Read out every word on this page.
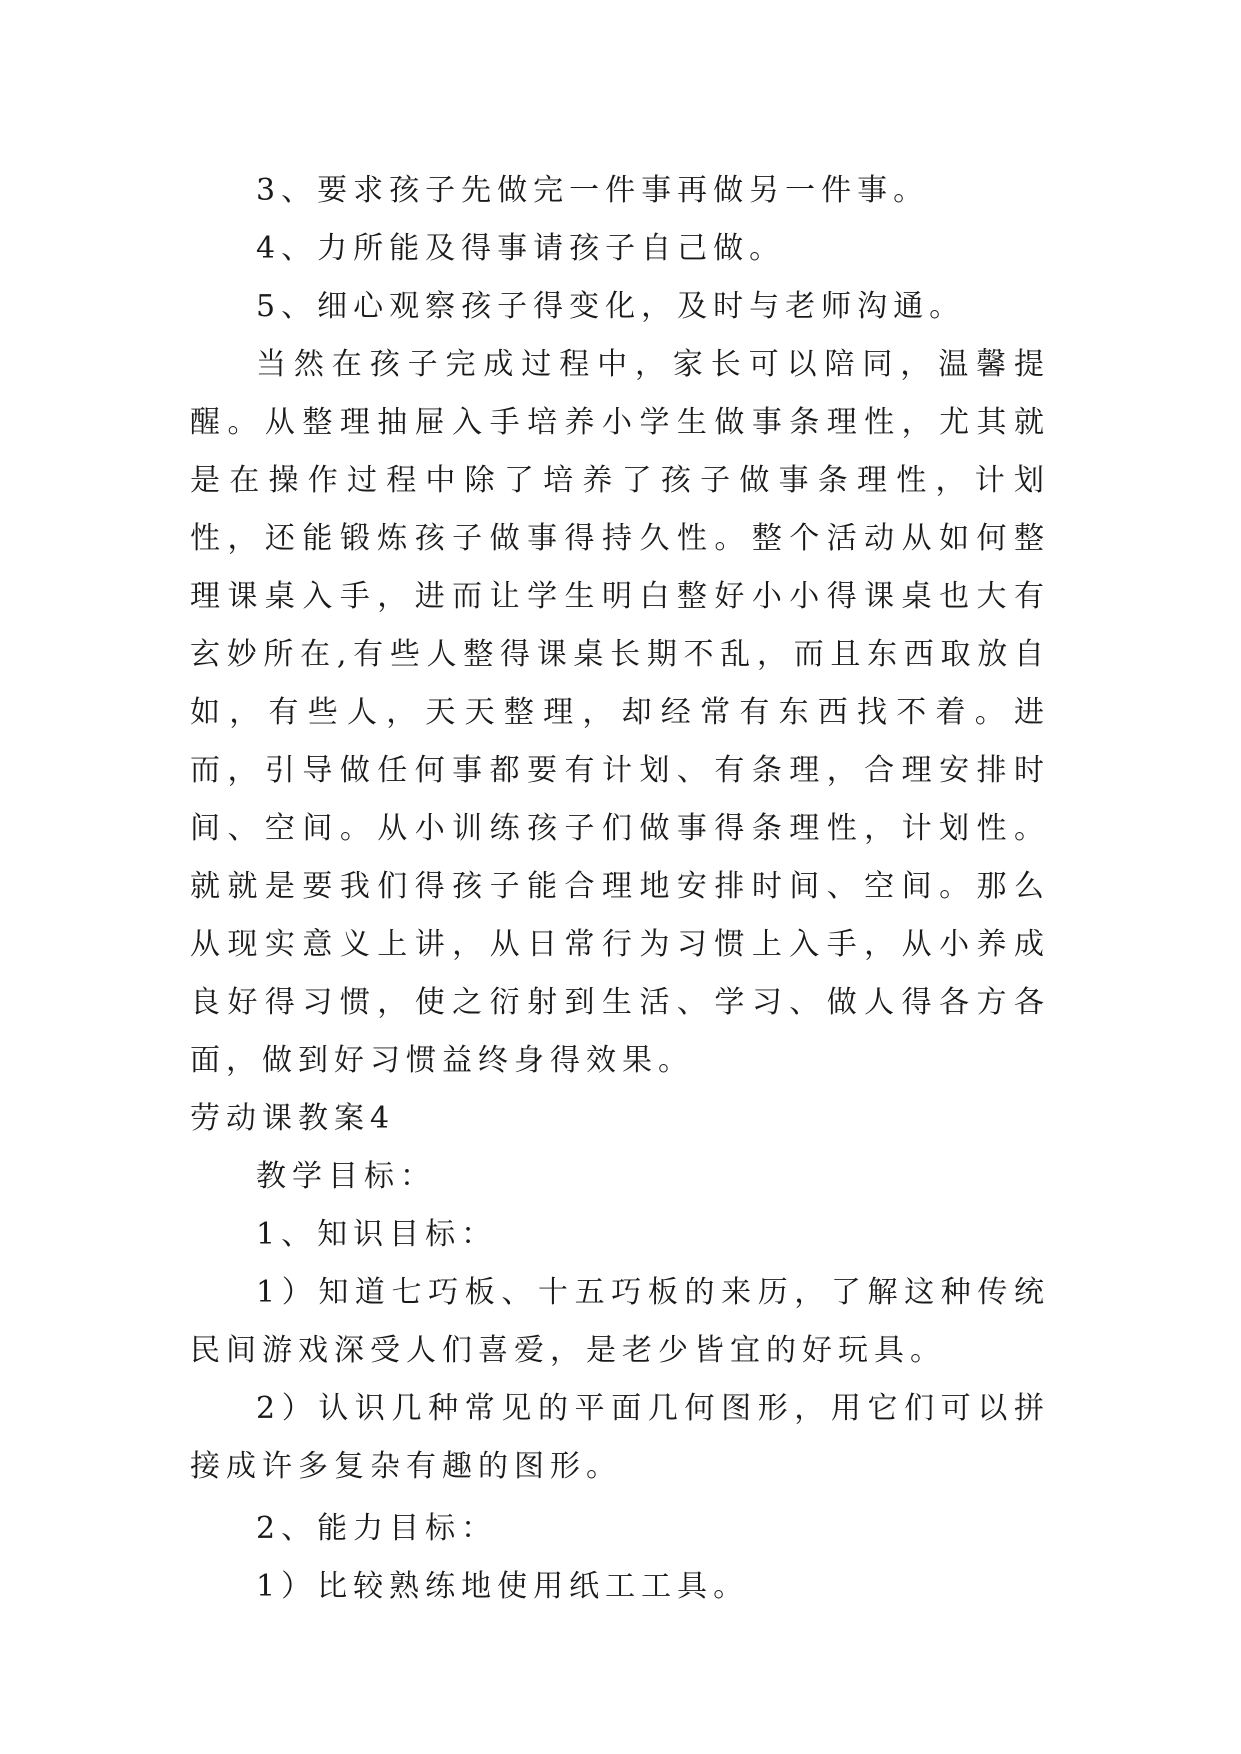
3、要求孩子先做完一件事再做另一件事。

4、力所能及得事请孩子自己做。

5、细心观察孩子得变化，及时与老师沟通。

当然在孩子完成过程中，家长可以陪同，温馨提醒。从整理抽屉入手培养小学生做事条理性，尤其就是在操作过程中除了培养了孩子做事条理性，计划性，还能锻炼孩子做事得持久性。整个活动从如何整理课桌入手，进而让学生明白整好小小得课桌也大有玄妙所在,有些人整得课桌长期不乱，而且东西取放自如，有些人，天天整理，却经常有东西找不着。进而，引导做任何事都要有计划、有条理，合理安排时间、空间。从小训练孩子们做事得条理性，计划性。就就是要我们得孩子能合理地安排时间、空间。那么从现实意义上讲，从日常行为习惯上入手，从小养成良好得习惯，使之衍射到生活、学习、做人得各方各面，做到好习惯益终身得效果。

劳动课教案4

教学目标：

1、知识目标：

1）知道七巧板、十五巧板的来历，了解这种传统民间游戏深受人们喜爱，是老少皆宜的好玩具。

2）认识几种常见的平面几何图形，用它们可以拼接成许多复杂有趣的图形。

2、能力目标：

1）比较熟练地使用纸工工具。
